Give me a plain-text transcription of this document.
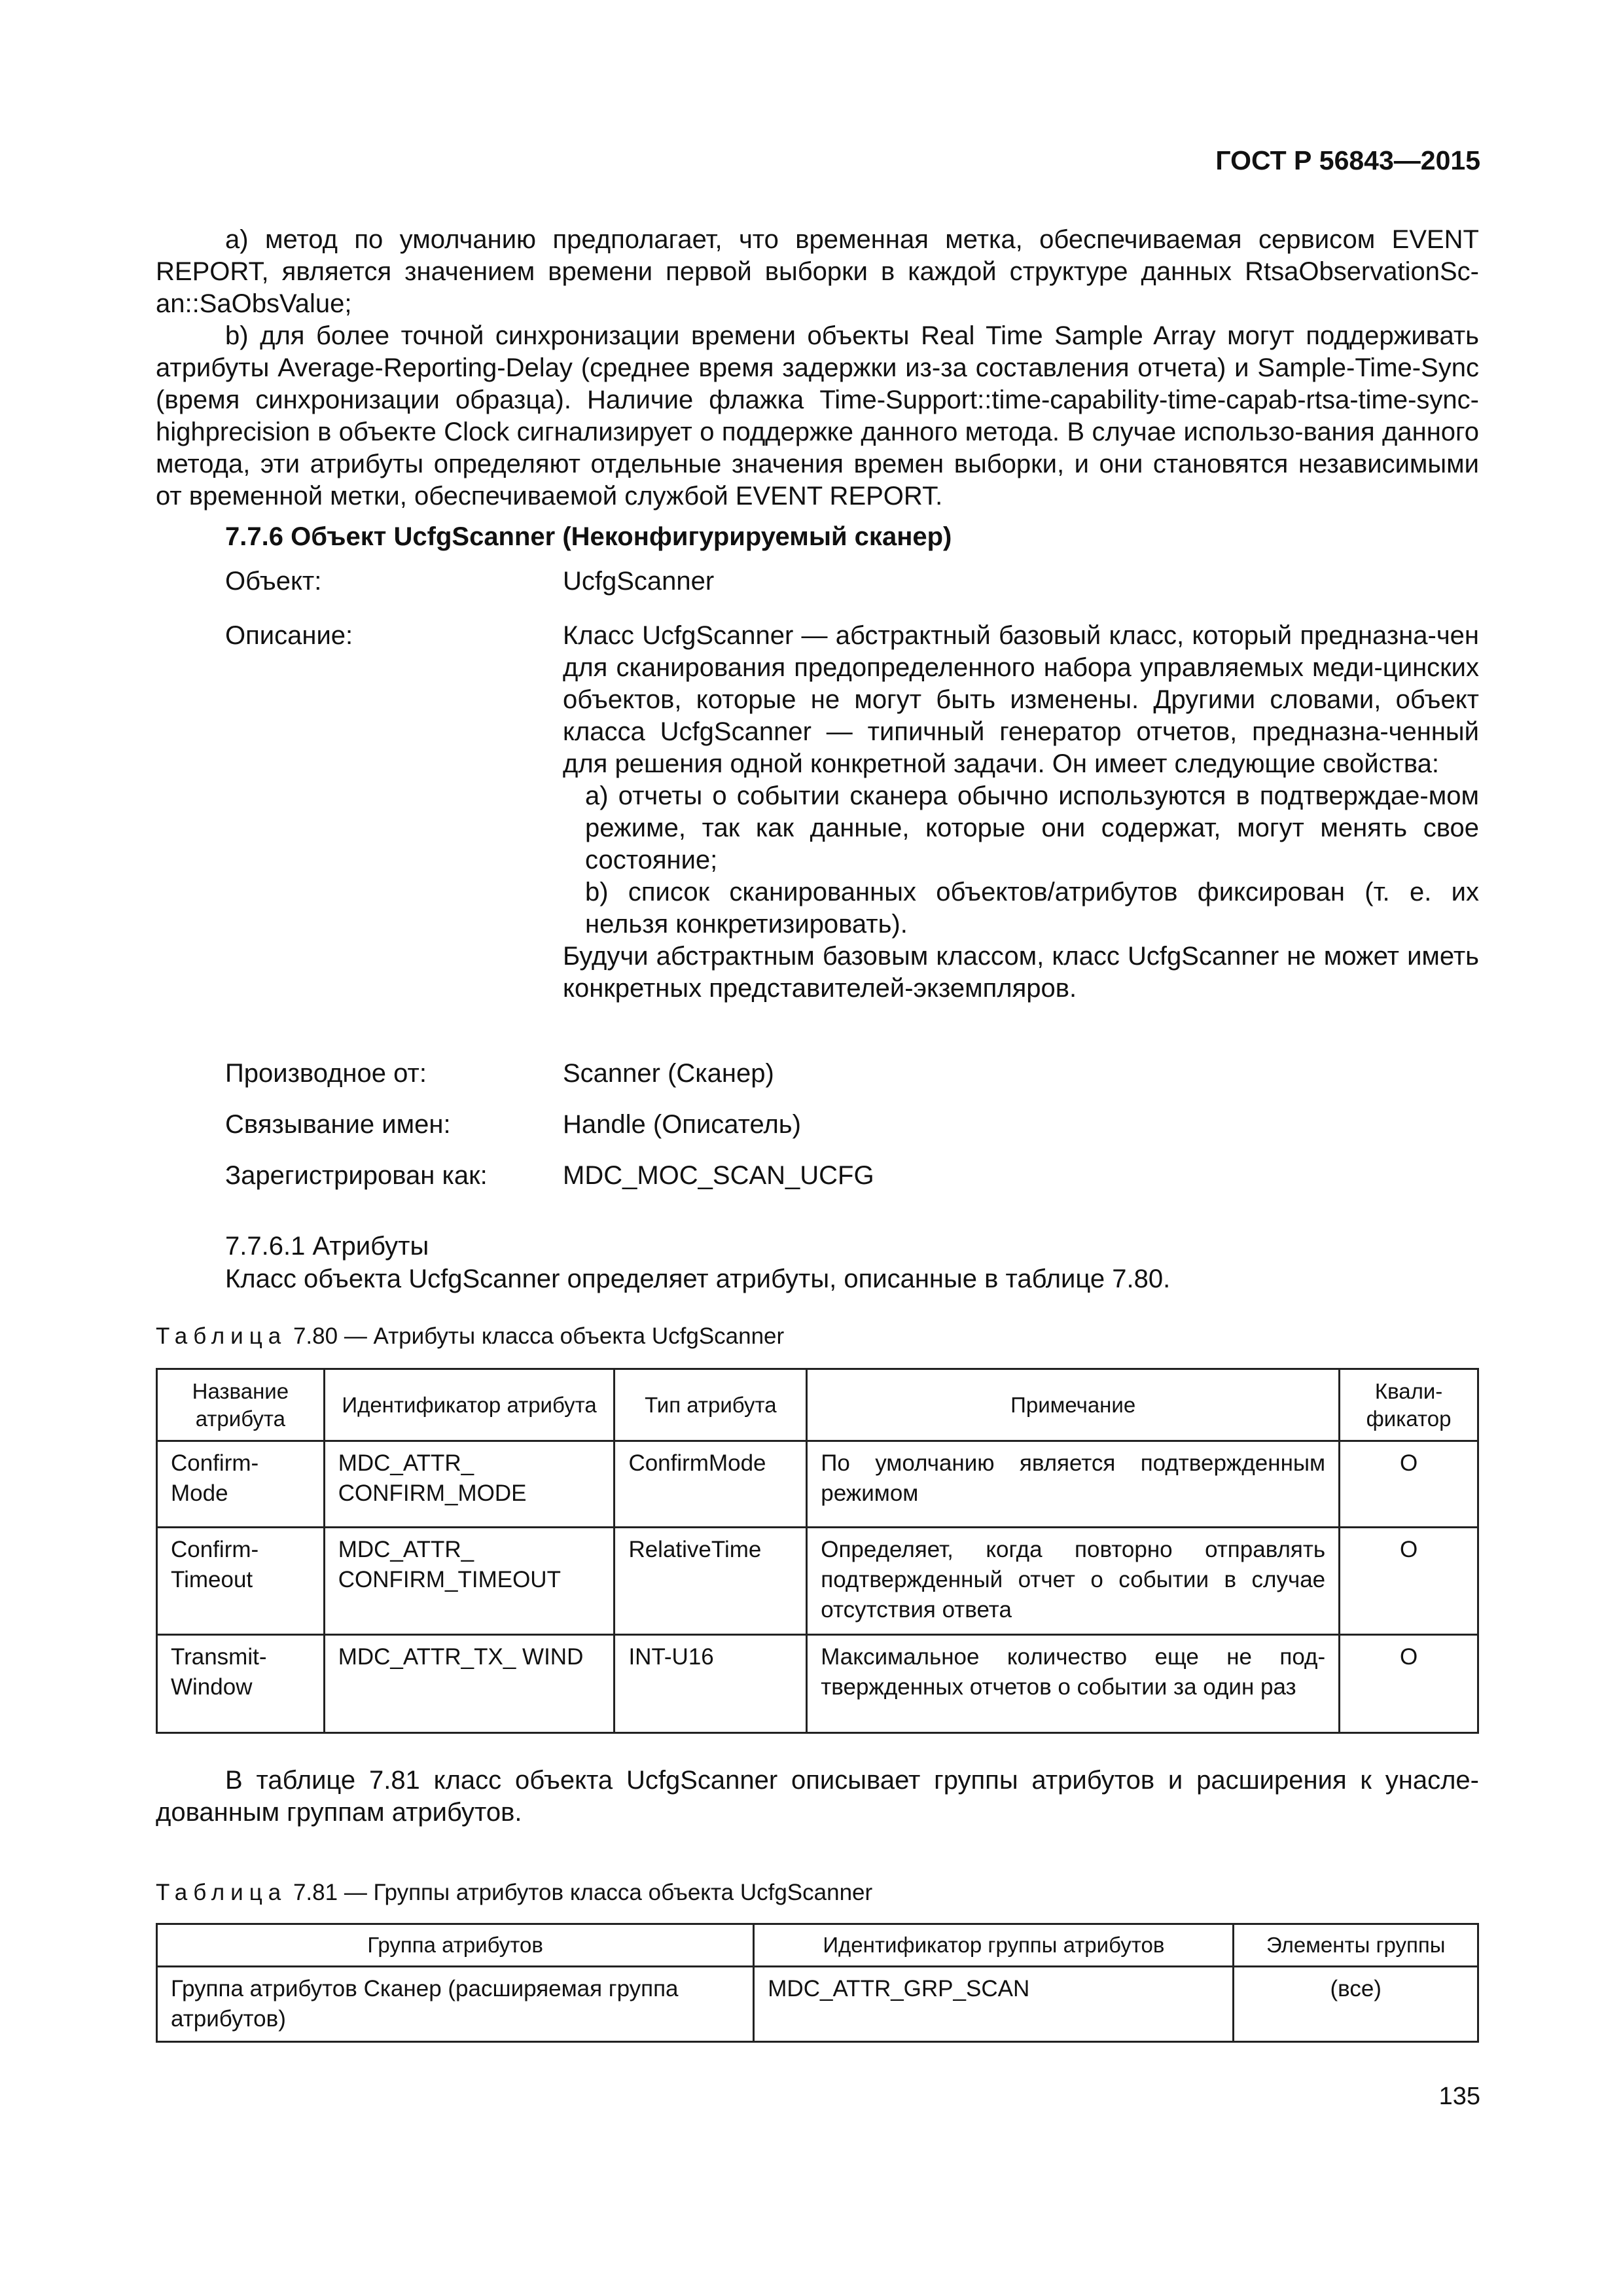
ГОСТ Р 56843—2015

а) метод по умолчанию предполагает, что временная метка, обеспечиваемая сервисом EVENT REPORT, является значением времени первой выборки в каждой структуре данных RtsaObservationSc-an::SaObsValue;

b) для более точной синхронизации времени объекты Real Time Sample Array могут поддерживать атрибуты Average-Reporting-Delay (среднее время задержки из-за составления отчета) и Sample-Time-Sync (время синхронизации образца). Наличие флажка Time-Support::time-capability-time-capab-rtsa-time-sync-highprecision в объекте Clock сигнализирует о поддержке данного метода. В случае использо-вания данного метода, эти атрибуты определяют отдельные значения времен выборки, и они становятся независимыми от временной метки, обеспечиваемой службой EVENT REPORT.

7.7.6 Объект UcfgScanner (Неконфигурируемый сканер)
Объект:	UcfgScanner
Описание:	Класс UcfgScanner — абстрактный базовый класс, который предназна-чен для сканирования предопределенного набора управляемых меди-цинских объектов, которые не могут быть изменены. Другими словами, объект класса UcfgScanner — типичный генератор отчетов, предназна-ченный для решения одной конкретной задачи. Он имеет следующие свойства:

а) отчеты о событии сканера обычно используются в подтверждае-мом режиме, так как данные, которые они содержат, могут менять свое состояние;

b) список сканированных объектов/атрибутов фиксирован (т. е. их нельзя конкретизировать).

Будучи абстрактным базовым классом, класс UcfgScanner не может иметь конкретных представителей-экземпляров.

Производное от:	Scanner (Сканер)
Связывание имен:	Handle (Описатель)
Зарегистрирован как:	MDC_MOC_SCAN_UCFG
7.7.6.1 Атрибуты
Класс объекта UcfgScanner определяет атрибуты, описанные в таблице 7.80.
Таблица 7.80 — Атрибуты класса объекта UcfgScanner
Название атрибута	Идентификатор атрибута	Тип атрибута	Примечание	Квали-фикатор
Confirm-Mode	MDC_ATTR_ CONFIRM_MODE	ConfirmMode	По умолчанию является подтвержденным режимом	O
Confirm-Timeout	MDC_ATTR_ CONFIRM_TIMEOUT	RelativeTime	Определяет, когда повторно отправлять подтвержденный отчет о событии в случае отсутствия ответа	O
Transmit-Window	MDC_ATTR_TX_ WIND	INT-U16	Максимальное количество еще не под-твержденных отчетов о событии за один раз	O

В таблице 7.81 класс объекта UcfgScanner описывает группы атрибутов и расширения к унасле-дованным группам атрибутов.

Таблица 7.81 — Группы атрибутов класса объекта UcfgScanner
Группа атрибутов	Идентификатор группы атрибутов	Элементы группы
Группа атрибутов Сканер (расширяемая группа атрибутов)	MDC_ATTR_GRP_SCAN	(все)
135
